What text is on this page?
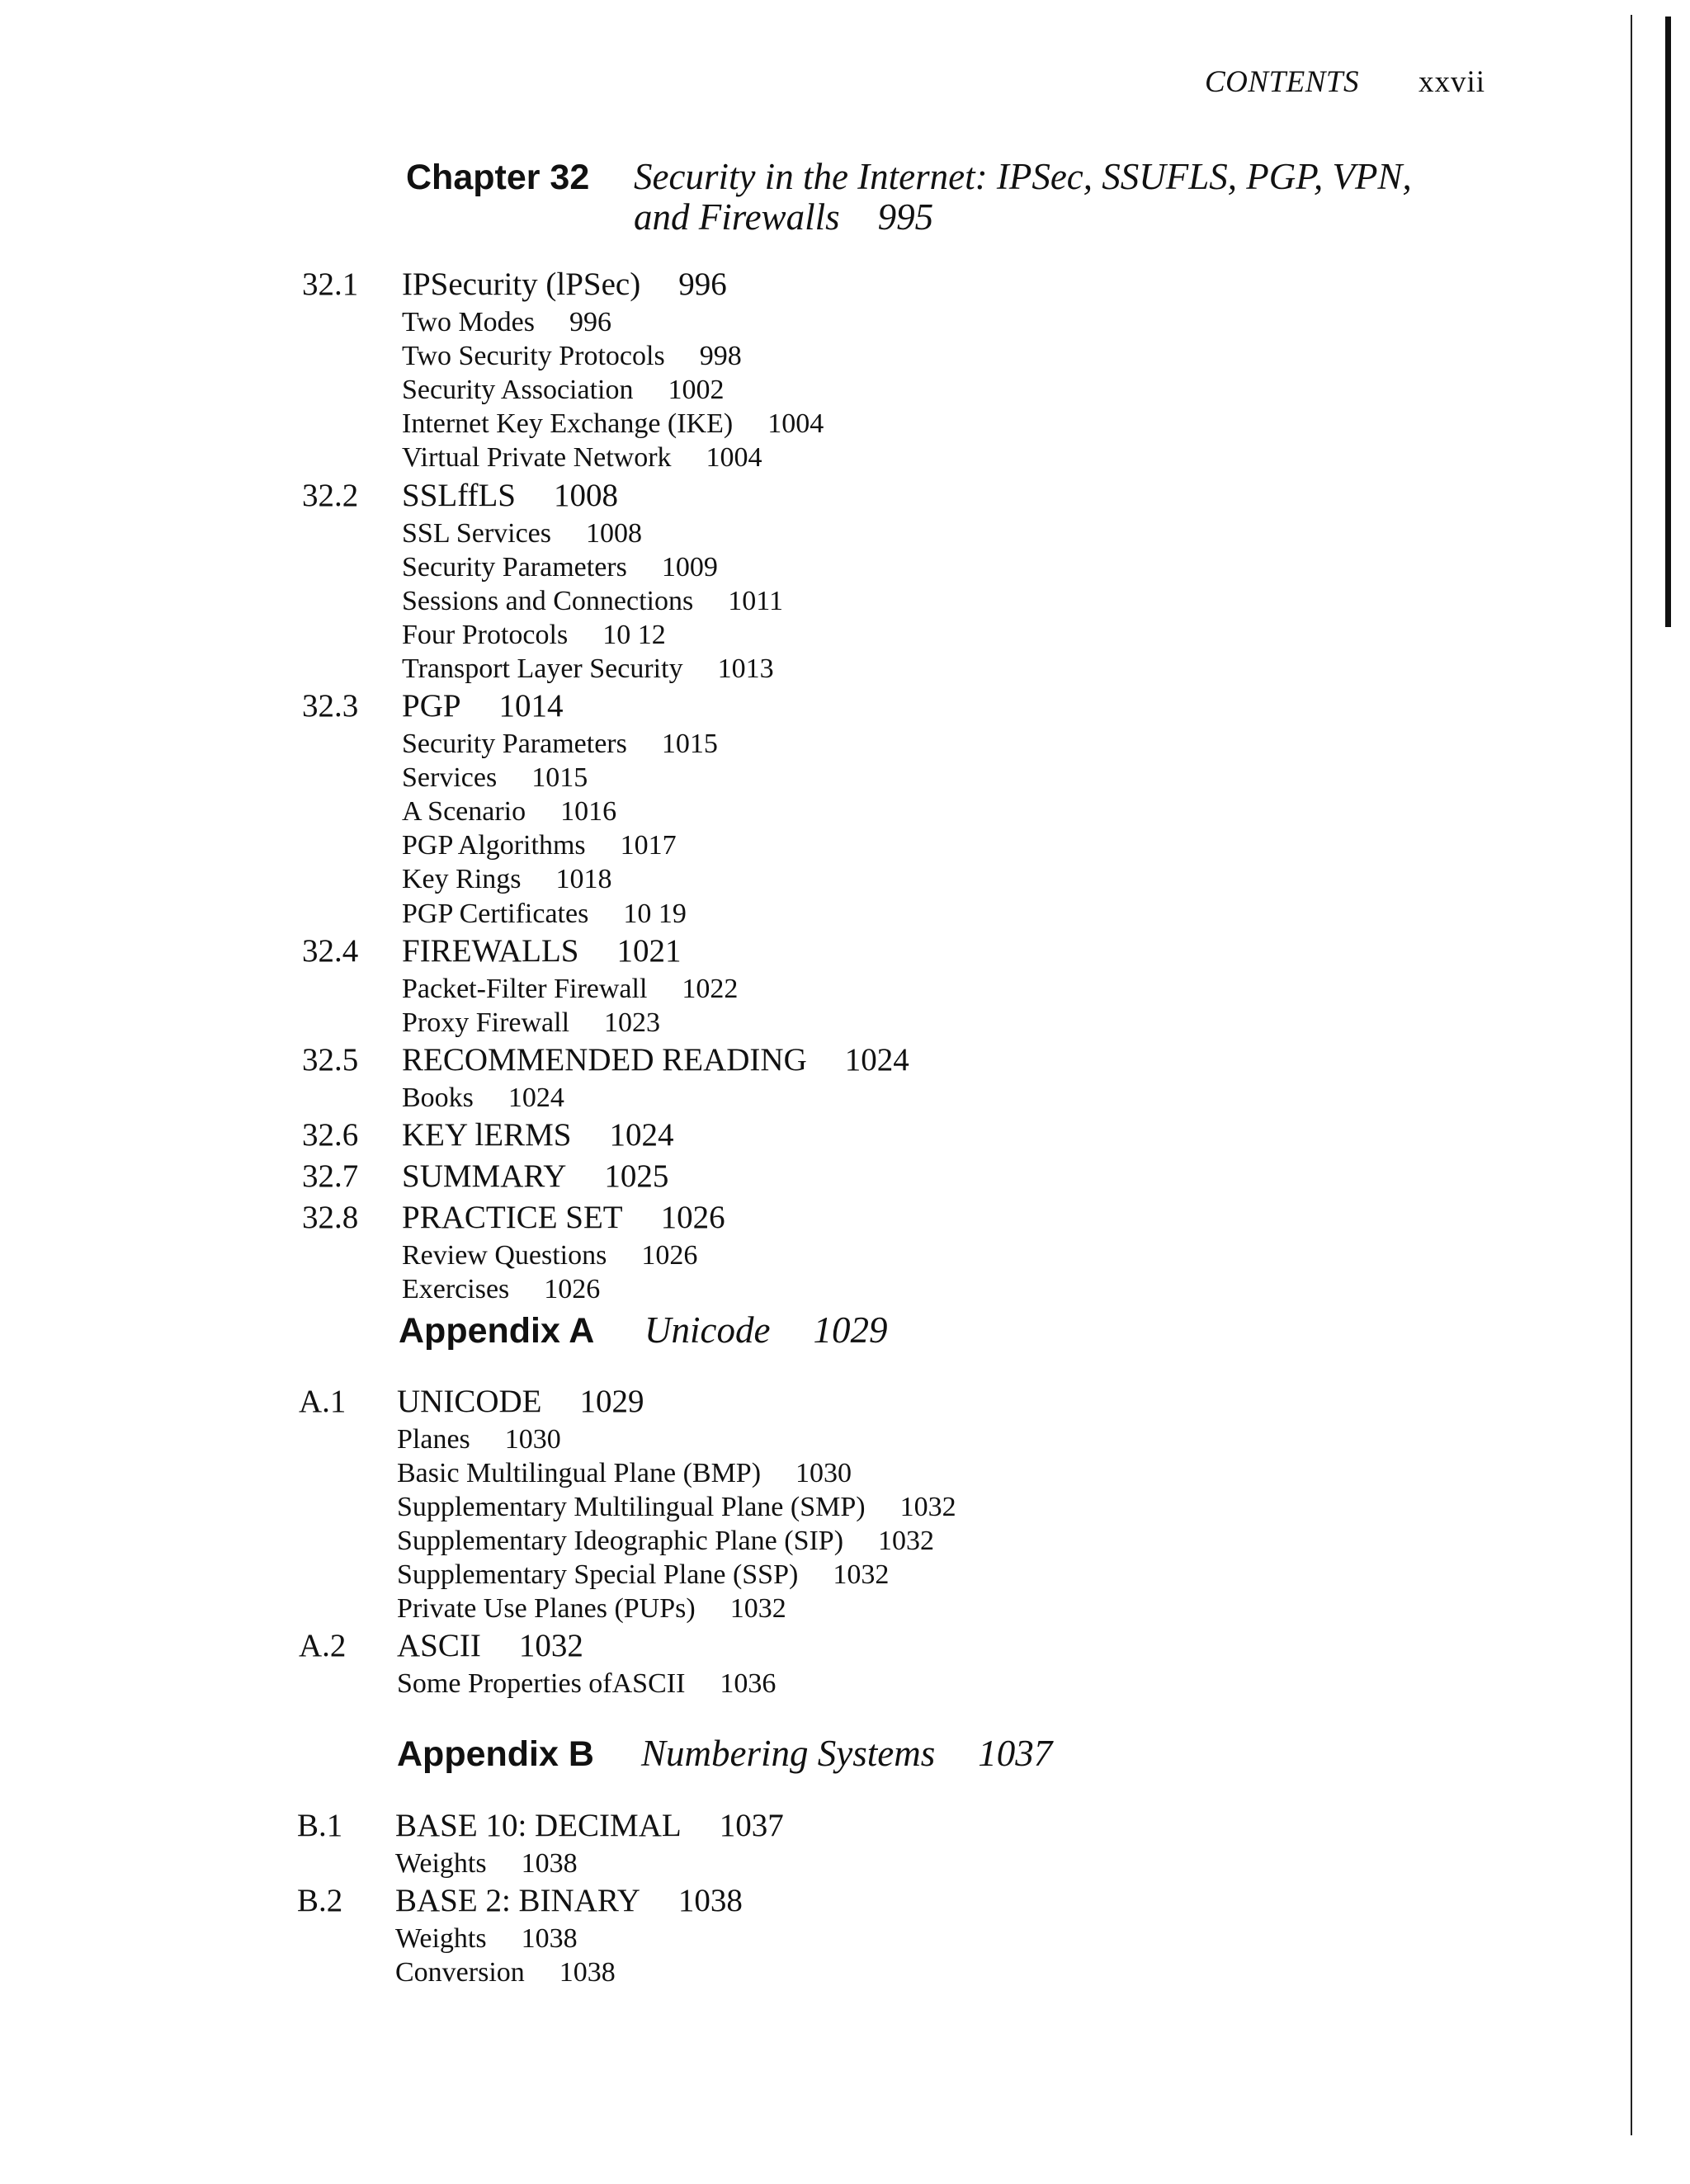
CONTENTS xxvii
Chapter 32	Security in the Internet: IPSec, SSUFLS, PGP, VPN,
and Firewalls 995
32.1	IPSecurity (lPSec) 996
Two Modes 996
Two Security Protocols 998
Security Association 1002
Internet Key Exchange (IKE) 1004
Virtual Private Network 1004
32.2	SSLffLS 1008
SSL Services 1008
Security Parameters 1009
Sessions and Connections 1011
Four Protocols 10 12
Transport Layer Security 1013
32.3	PGP 1014
Security Parameters 1015
Services 1015
A Scenario 1016
PGP Algorithms 1017
Key Rings 1018
PGP Certificates 10 19
32.4	FIREWALLS 1021
Packet-Filter Firewall 1022
Proxy Firewall 1023
32.5	RECOMMENDED READING 1024
Books 1024
32.6	KEY lERMS 1024
32.7	SUMMARY 1025
32.8	PRACTICE SET 1026
Review Questions 1026
Exercises 1026
Appendix A	Unicode 1029
A.1	UNICODE 1029
Planes 1030
Basic Multilingual Plane (BMP) 1030
Supplementary Multilingual Plane (SMP) 1032
Supplementary Ideographic Plane (SIP) 1032
Supplementary Special Plane (SSP) 1032
Private Use Planes (PUPs) 1032
A.2	ASCII 1032
Some Properties ofASCII 1036
Appendix B	Numbering Systems 1037
B.1	BASE 10: DECIMAL 1037
Weights 1038
B.2	BASE 2: BINARY 1038
Weights 1038
Conversion 1038
